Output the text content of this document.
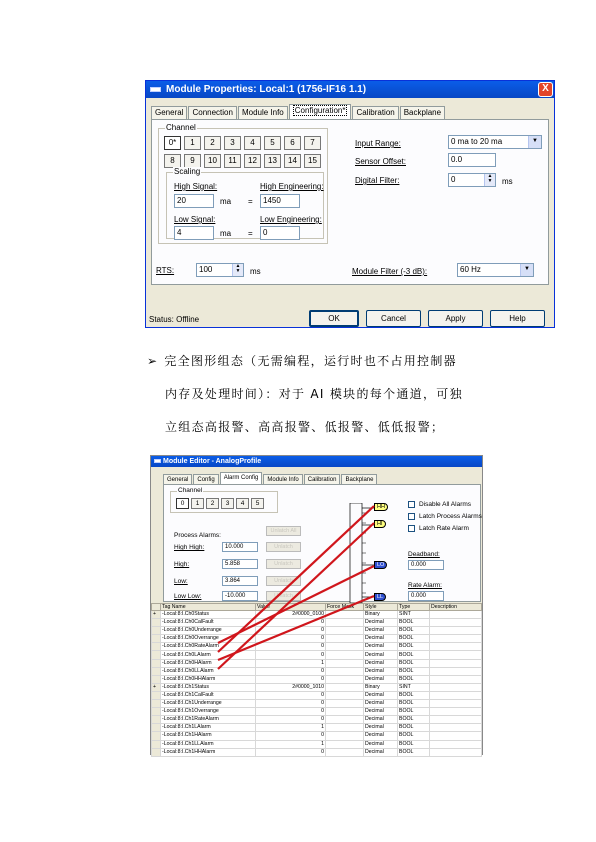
Module Properties: Local:1 (1756-IF16 1.1)	X
General	Connection	Module Info	Configuration*	Calibration	Backplane
Channel
0*	1	2	3	4	5	6	7
8	9	10	11	12	13	14	15
Scaling
High Signal:	High Engineering:
20	ma =	1450
Low Signal:	Low Engineering:
4	ma =	0
Input Range:	0 ma to 20 ma	▼
Sensor Offset:	0.0
Digital Filter:	0	▲
▼	ms
RTS:	100	▲
▼	ms	Module Filter (-3 dB):	60 Hz	▼
Status: Offline	OK	Cancel	Apply	Help
➢ 完全图形组态（无需编程，运行时也不占用控制器
内存及处理时间）：对于 AI 模块的每个通道，可独
立组态高报警、高高报警、低报警、低低报警；
Module Editor - AnalogProfile
General	Config	Alarm Config	Module Info	Calibration	Backplane
Channel
0	1	2	3	4	5
Process Alarms:
Unlatch All
High High:	10.000	Unlatch
High:	5.858	Unlatch
Low:	3.864	Unlatch
Low Low:	-10.000	Unlatch
HH
HI
LO
LL
Disable All Alarms
Latch Process Alarms
Latch Rate Alarm
Deadband:
0.000
Rate Alarm:
0.000
	Tag Name	Value	Force Mask	Style	Type	Description
+	-Local:8:I.Ch0Status	2#0000_0100		Binary	SINT	
	-Local:8:I.Ch0CalFault	0		Decimal	BOOL	
	-Local:8:I.Ch0Underrange	0		Decimal	BOOL	
	-Local:8:I.Ch0Overrange	0		Decimal	BOOL	
	-Local:8:I.Ch0RateAlarm	0		Decimal	BOOL	
	-Local:8:I.Ch0LAlarm	0		Decimal	BOOL	
	-Local:8:I.Ch0HAlarm	1		Decimal	BOOL	
	-Local:8:I.Ch0LLAlarm	0		Decimal	BOOL	
	-Local:8:I.Ch0HHAlarm	0		Decimal	BOOL	
+	-Local:8:I.Ch1Status	2#0000_1010		Binary	SINT	
	-Local:8:I.Ch1CalFault	0		Decimal	BOOL	
	-Local:8:I.Ch1Underrange	0		Decimal	BOOL	
	-Local:8:I.Ch1Overrange	0		Decimal	BOOL	
	-Local:8:I.Ch1RateAlarm	0		Decimal	BOOL	
	-Local:8:I.Ch1LAlarm	1		Decimal	BOOL	
	-Local:8:I.Ch1HAlarm	0		Decimal	BOOL	
	-Local:8:I.Ch1LLAlarm	1		Decimal	BOOL	
	-Local:8:I.Ch1HHAlarm	0		Decimal	BOOL	
